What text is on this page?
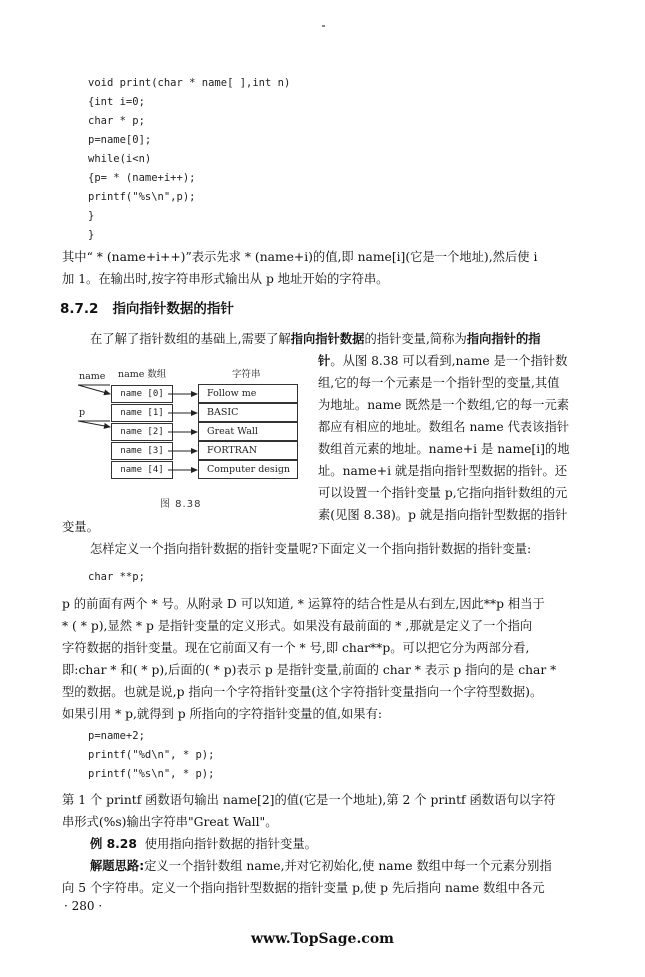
void print(char * name[ ],int n)
{int i=0;
char * p;
p=name[0];
while(i<n)
{p= * (name+i++);
printf("%s\n",p);
}
}

其中“ * (name+i++)”表示先求 * (name+i)的值,即 name[i](它是一个地址),然后使 i

加 1。在输出时,按字符串形式输出从 p 地址开始的字符串。

8.7.2 指向指针数据的指针

在了解了指针数组的基础上,需要了解指向指针数据的指针变量,简称为指向指针的指

针。从图 8.38 可以看到,name 是一个指针数

组,它的每一个元素是一个指针型的变量,其值

为地址。name 既然是一个数组,它的每一元素

都应有相应的地址。数组名 name 代表该指针

数组首元素的地址。name+i 是 name[i]的地

址。name+i 就是指向指针型数据的指针。还

可以设置一个指针变量 p,它指向指针数组的元

素(见图 8.38)。p 就是指向指针型数据的指针

name 数组	字符串
name
p
name [0]
name [1]
name [2]
name [3]
name [4]
Follow me
BASIC
Great Wall
FORTRAN
Computer design
图 8.38

变量。

怎样定义一个指向指针数据的指针变量呢?下面定义一个指向指针数据的指针变量:

char **p;

p 的前面有两个 * 号。从附录 D 可以知道, * 运算符的结合性是从右到左,因此**p 相当于

* ( * p),显然 * p 是指针变量的定义形式。如果没有最前面的 * ,那就是定义了一个指向

字符数据的指针变量。现在它前面又有一个 * 号,即 char**p。可以把它分为两部分看,

即:char * 和( * p),后面的( * p)表示 p 是指针变量,前面的 char * 表示 p 指向的是 char *

型的数据。也就是说,p 指向一个字符指针变量(这个字符指针变量指向一个字符型数据)。

如果引用 * p,就得到 p 所指向的字符指针变量的值,如果有:

p=name+2;
printf("%d\n", * p);
printf("%s\n", * p);

第 1 个 printf 函数语句输出 name[2]的值(它是一个地址),第 2 个 printf 函数语句以字符

串形式(%s)输出字符串"Great Wall"。

例 8.28 使用指向指针数据的指针变量。

解题思路:定义一个指针数组 name,并对它初始化,使 name 数组中每一个元素分别指

向 5 个字符串。定义一个指向指针型数据的指针变量 p,使 p 先后指向 name 数组中各元

· 280 ·
www.TopSage.com
